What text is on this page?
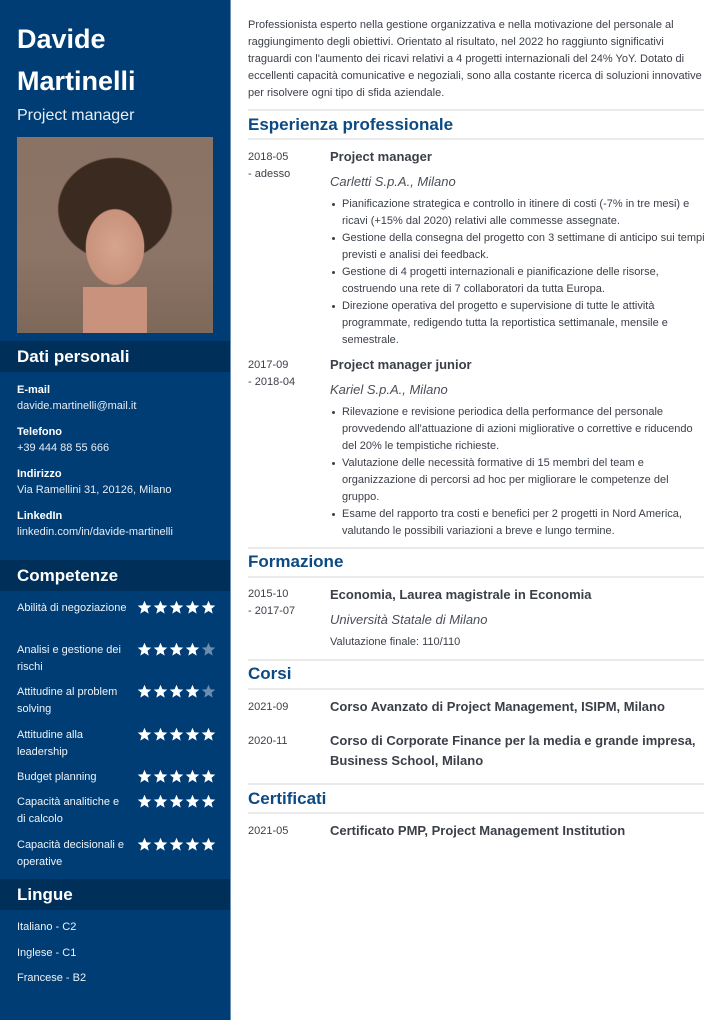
Davide
Martinelli
Project manager
Dati personali
E-mail
davide.martinelli@mail.it
Telefono
+39 444 88 55 666
Indirizzo
Via Ramellini 31, 20126, Milano
LinkedIn
linkedin.com/in/davide-martinelli
Competenze
Abilità di negoziazione
Analisi e gestione dei rischi
Attitudine al problem solving
Attitudine alla leadership
Budget planning
Capacità analitiche e di calcolo
Capacità decisionali e operative
Lingue
Italiano - C2
Inglese - C1
Francese - B2

Professionista esperto nella gestione organizzativa e nella motivazione del personale al raggiungimento degli obiettivi. Orientato al risultato, nel 2022 ho raggiunto significativi traguardi con l'aumento dei ricavi relativi a 4 progetti internazionali del 24% YoY. Dotato di eccellenti capacità comunicative e negoziali, sono alla costante ricerca di soluzioni innovative per risolvere ogni tipo di sfida aziendale.

Esperienza professionale
2018-05
- adesso
Project manager
Carletti S.p.A., Milano
Pianificazione strategica e controllo in itinere di costi (-7% in tre mesi) e ricavi (+15% dal 2020) relativi alle commesse assegnate.
Gestione della consegna del progetto con 3 settimane di anticipo sui tempi previsti e analisi dei feedback.
Gestione di 4 progetti internazionali e pianificazione delle risorse, costruendo una rete di 7 collaboratori da tutta Europa.
Direzione operativa del progetto e supervisione di tutte le attività programmate, redigendo tutta la reportistica settimanale, mensile e semestrale.
2017-09
- 2018-04
Project manager junior
Kariel S.p.A., Milano
Rilevazione e revisione periodica della performance del personale provvedendo all'attuazione di azioni migliorative o correttive e riducendo del 20% le tempistiche richieste.
Valutazione delle necessità formative di 15 membri del team e organizzazione di percorsi ad hoc per migliorare le competenze del gruppo.
Esame del rapporto tra costi e benefici per 2 progetti in Nord America, valutando le possibili variazioni a breve e lungo termine.
Formazione
2015-10
- 2017-07
Economia, Laurea magistrale in Economia
Università Statale di Milano
Valutazione finale: 110/110
Corsi
2021-09	Corso Avanzato di Project Management, ISIPM, Milano
2020-11	Corso di Corporate Finance per la media e grande impresa, Business School, Milano
Certificati
2021-05	Certificato PMP, Project Management Institution
